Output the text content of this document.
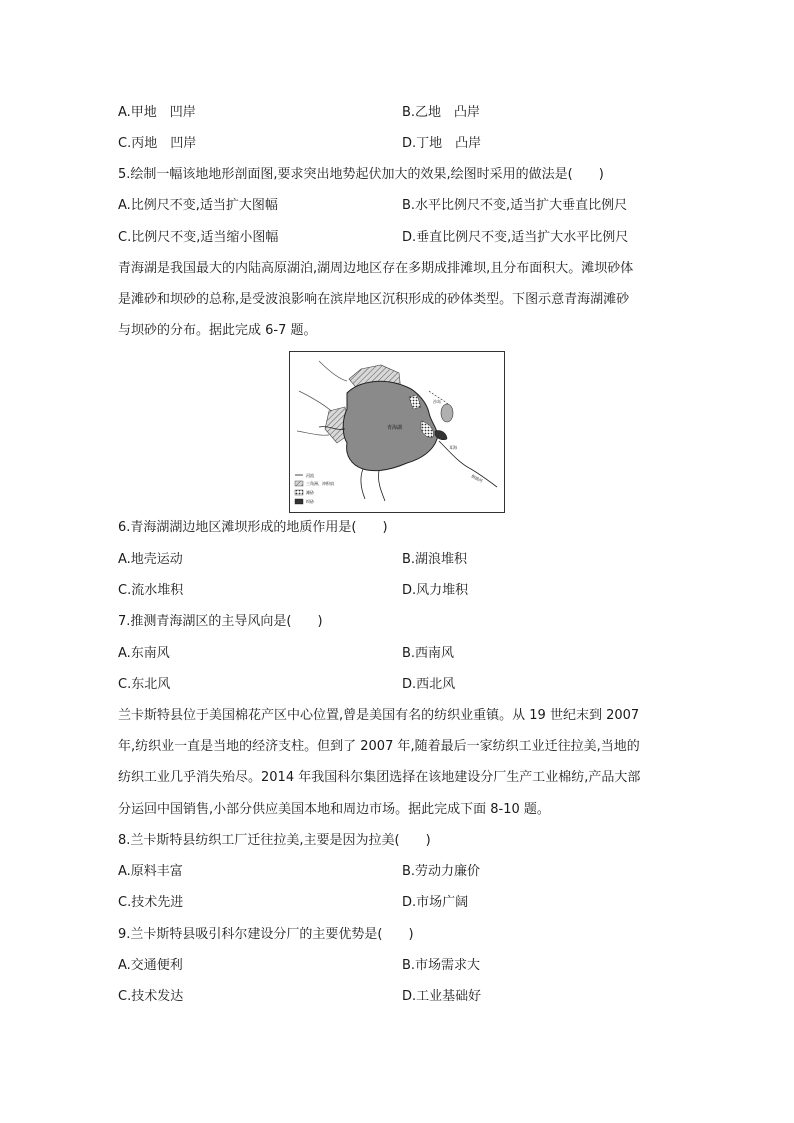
A.甲地　凹岸	B.乙地　凸岸
C.丙地　凹岸	D.丁地　凸岸
5.绘制一幅该地地形剖面图,要求突出地势起伏加大的效果,绘图时采用的做法是(　　)
A.比例尺不变,适当扩大图幅	B.水平比例尺不变,适当扩大垂直比例尺
C.比例尺不变,适当缩小图幅	D.垂直比例尺不变,适当扩大水平比例尺
青海湖是我国最大的内陆高原湖泊,湖周边地区存在多期成排滩坝,且分布面积大。滩坝砂体
是滩砂和坝砂的总称,是受波浪影响在滨岸地区沉积形成的砂体类型。下图示意青海湖滩砂
与坝砂的分布。据此完成 6-7 题。
青海湖
沙岛
耳海
倒淌河
河流
三角洲、冲积扇
滩砂
坝砂
6.青海湖湖边地区滩坝形成的地质作用是(　　)
A.地壳运动	B.湖浪堆积
C.流水堆积	D.风力堆积
7.推测青海湖区的主导风向是(　　)
A.东南风	B.西南风
C.东北风	D.西北风
兰卡斯特县位于美国棉花产区中心位置,曾是美国有名的纺织业重镇。从 19 世纪末到 2007
年,纺织业一直是当地的经济支柱。但到了 2007 年,随着最后一家纺织工业迁往拉美,当地的
纺织工业几乎消失殆尽。2014 年我国科尔集团选择在该地建设分厂生产工业棉纺,产品大部
分运回中国销售,小部分供应美国本地和周边市场。据此完成下面 8-10 题。
8.兰卡斯特县纺织工厂迁往拉美,主要是因为拉美(　　)
A.原料丰富	B.劳动力廉价
C.技术先进	D.市场广阔
9.兰卡斯特县吸引科尔建设分厂的主要优势是(　　)
A.交通便利	B.市场需求大
C.技术发达	D.工业基础好
